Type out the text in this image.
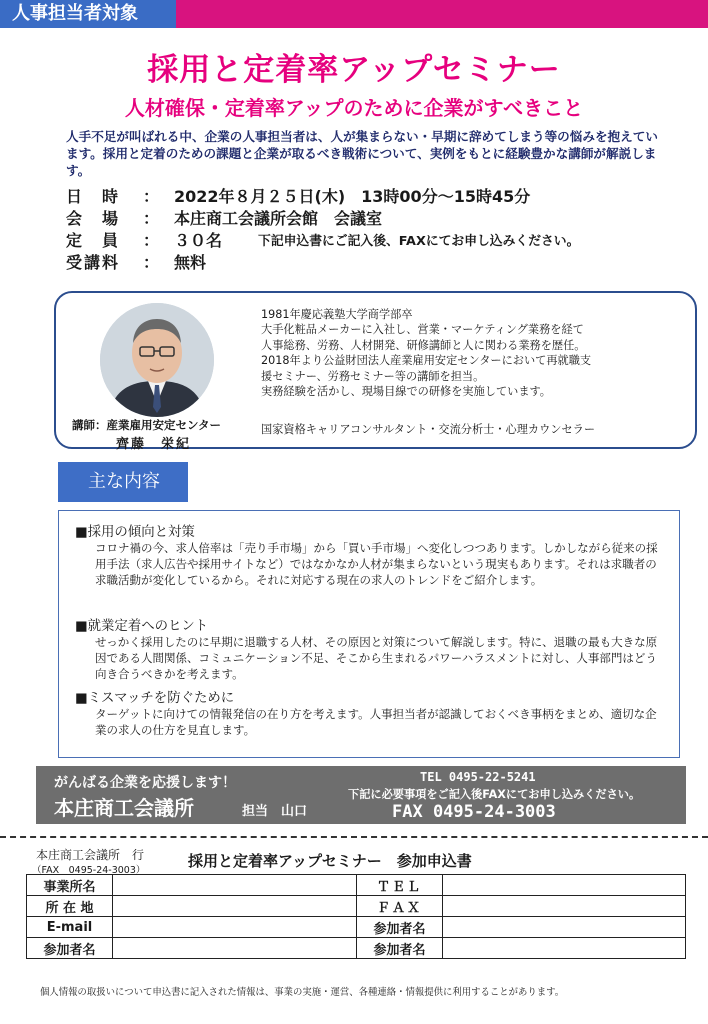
人事担当者対象
採用と定着率アップセミナー
人材確保・定着率アップのために企業がすべきこと
人手不足が叫ばれる中、企業の人事担当者は、人が集まらない・早期に辞めてしまう等の悩みを抱えています。採用と定着のための課題と企業が取るべき戦術について、実例をもとに経験豊かな講師が解説します。
日　時	： 2022年８月２５日(木)　13時00分～15時45分
会　場	： 本庄商工会議所会館　会議室
定　員	： ３０名	下記申込書にご記入後、FAXにてお申し込みください。
受講料	： 無料
講師：産業雇用安定センター
齊藤　栄紀
1981年慶応義塾大学商学部卒
大手化粧品メーカーに入社し、営業・マーケティング業務を経て
人事総務、労務、人材開発、研修講師と人に関わる業務を歴任。
2018年より公益財団法人産業雇用安定センターにおいて再就職支
援セミナー、労務セミナー等の講師を担当。
実務経験を活かし、現場目線での研修を実施しています。
国家資格キャリアコンサルタント・交流分析士・心理カウンセラー
主な内容
■採用の傾向と対策
コロナ禍の今、求人倍率は「売り手市場」から「買い手市場」へ変化しつつあります。しかしながら従来の採用手法（求人広告や採用サイトなど）ではなかなか人材が集まらないという現実もあります。それは求職者の求職活動が変化しているから。それに対応する現在の求人のトレンドをご紹介します。
■就業定着へのヒント
せっかく採用したのに早期に退職する人材、その原因と対策について解説します。特に、退職の最も大きな原因である人間関係、コミュニケーション不足、そこから生まれるパワーハラスメントに対し、人事部門はどう向き合うべきかを考えます。
■ミスマッチを防ぐために
ターゲットに向けての情報発信の在り方を考えます。人事担当者が認識しておくべき事柄をまとめ、適切な企業の求人の仕方を見直します。
がんばる企業を応援します！
本庄商工会議所	担当　山口
TEL 0495-22-5241
下記に必要事項をご記入後FAXにてお申し込みください。
FAX 0495-24-3003
本庄商工会議所　行
（FAX　0495-24-3003）
採用と定着率アップセミナー　参加申込書
事業所名		ＴＥＬ	
所 在 地		ＦＡＸ	
E-mail		参加者名	
参加者名		参加者名	
個人情報の取扱いについて申込書に記入された情報は、事業の実施・運営、各種連絡・情報提供に利用することがあります。
